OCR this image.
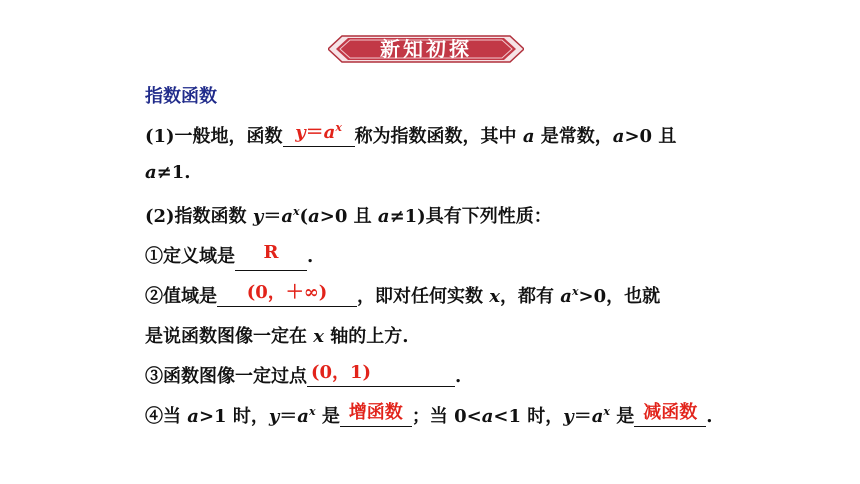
新知初探
指数函数
(1)一般地，函数 $y=a^x$ 称为指数函数，其中 a 是常数，a>0 且
a≠1.
(2)指数函数 $y=a^x(a>0$ 且 a≠1)具有下列性质：
①定义域是 R .
②值域是 (0，＋∞) ，即对任何实数 x，都有 $a^x>0$，也就
是说函数图像一定在 x 轴的上方.
③函数图像一定过点 (0，1)	.
④当 a>1 时，$y=a^x$ 是 增函数 ；当 0<a<1 时，$y=a^x$ 是 减函数 .
